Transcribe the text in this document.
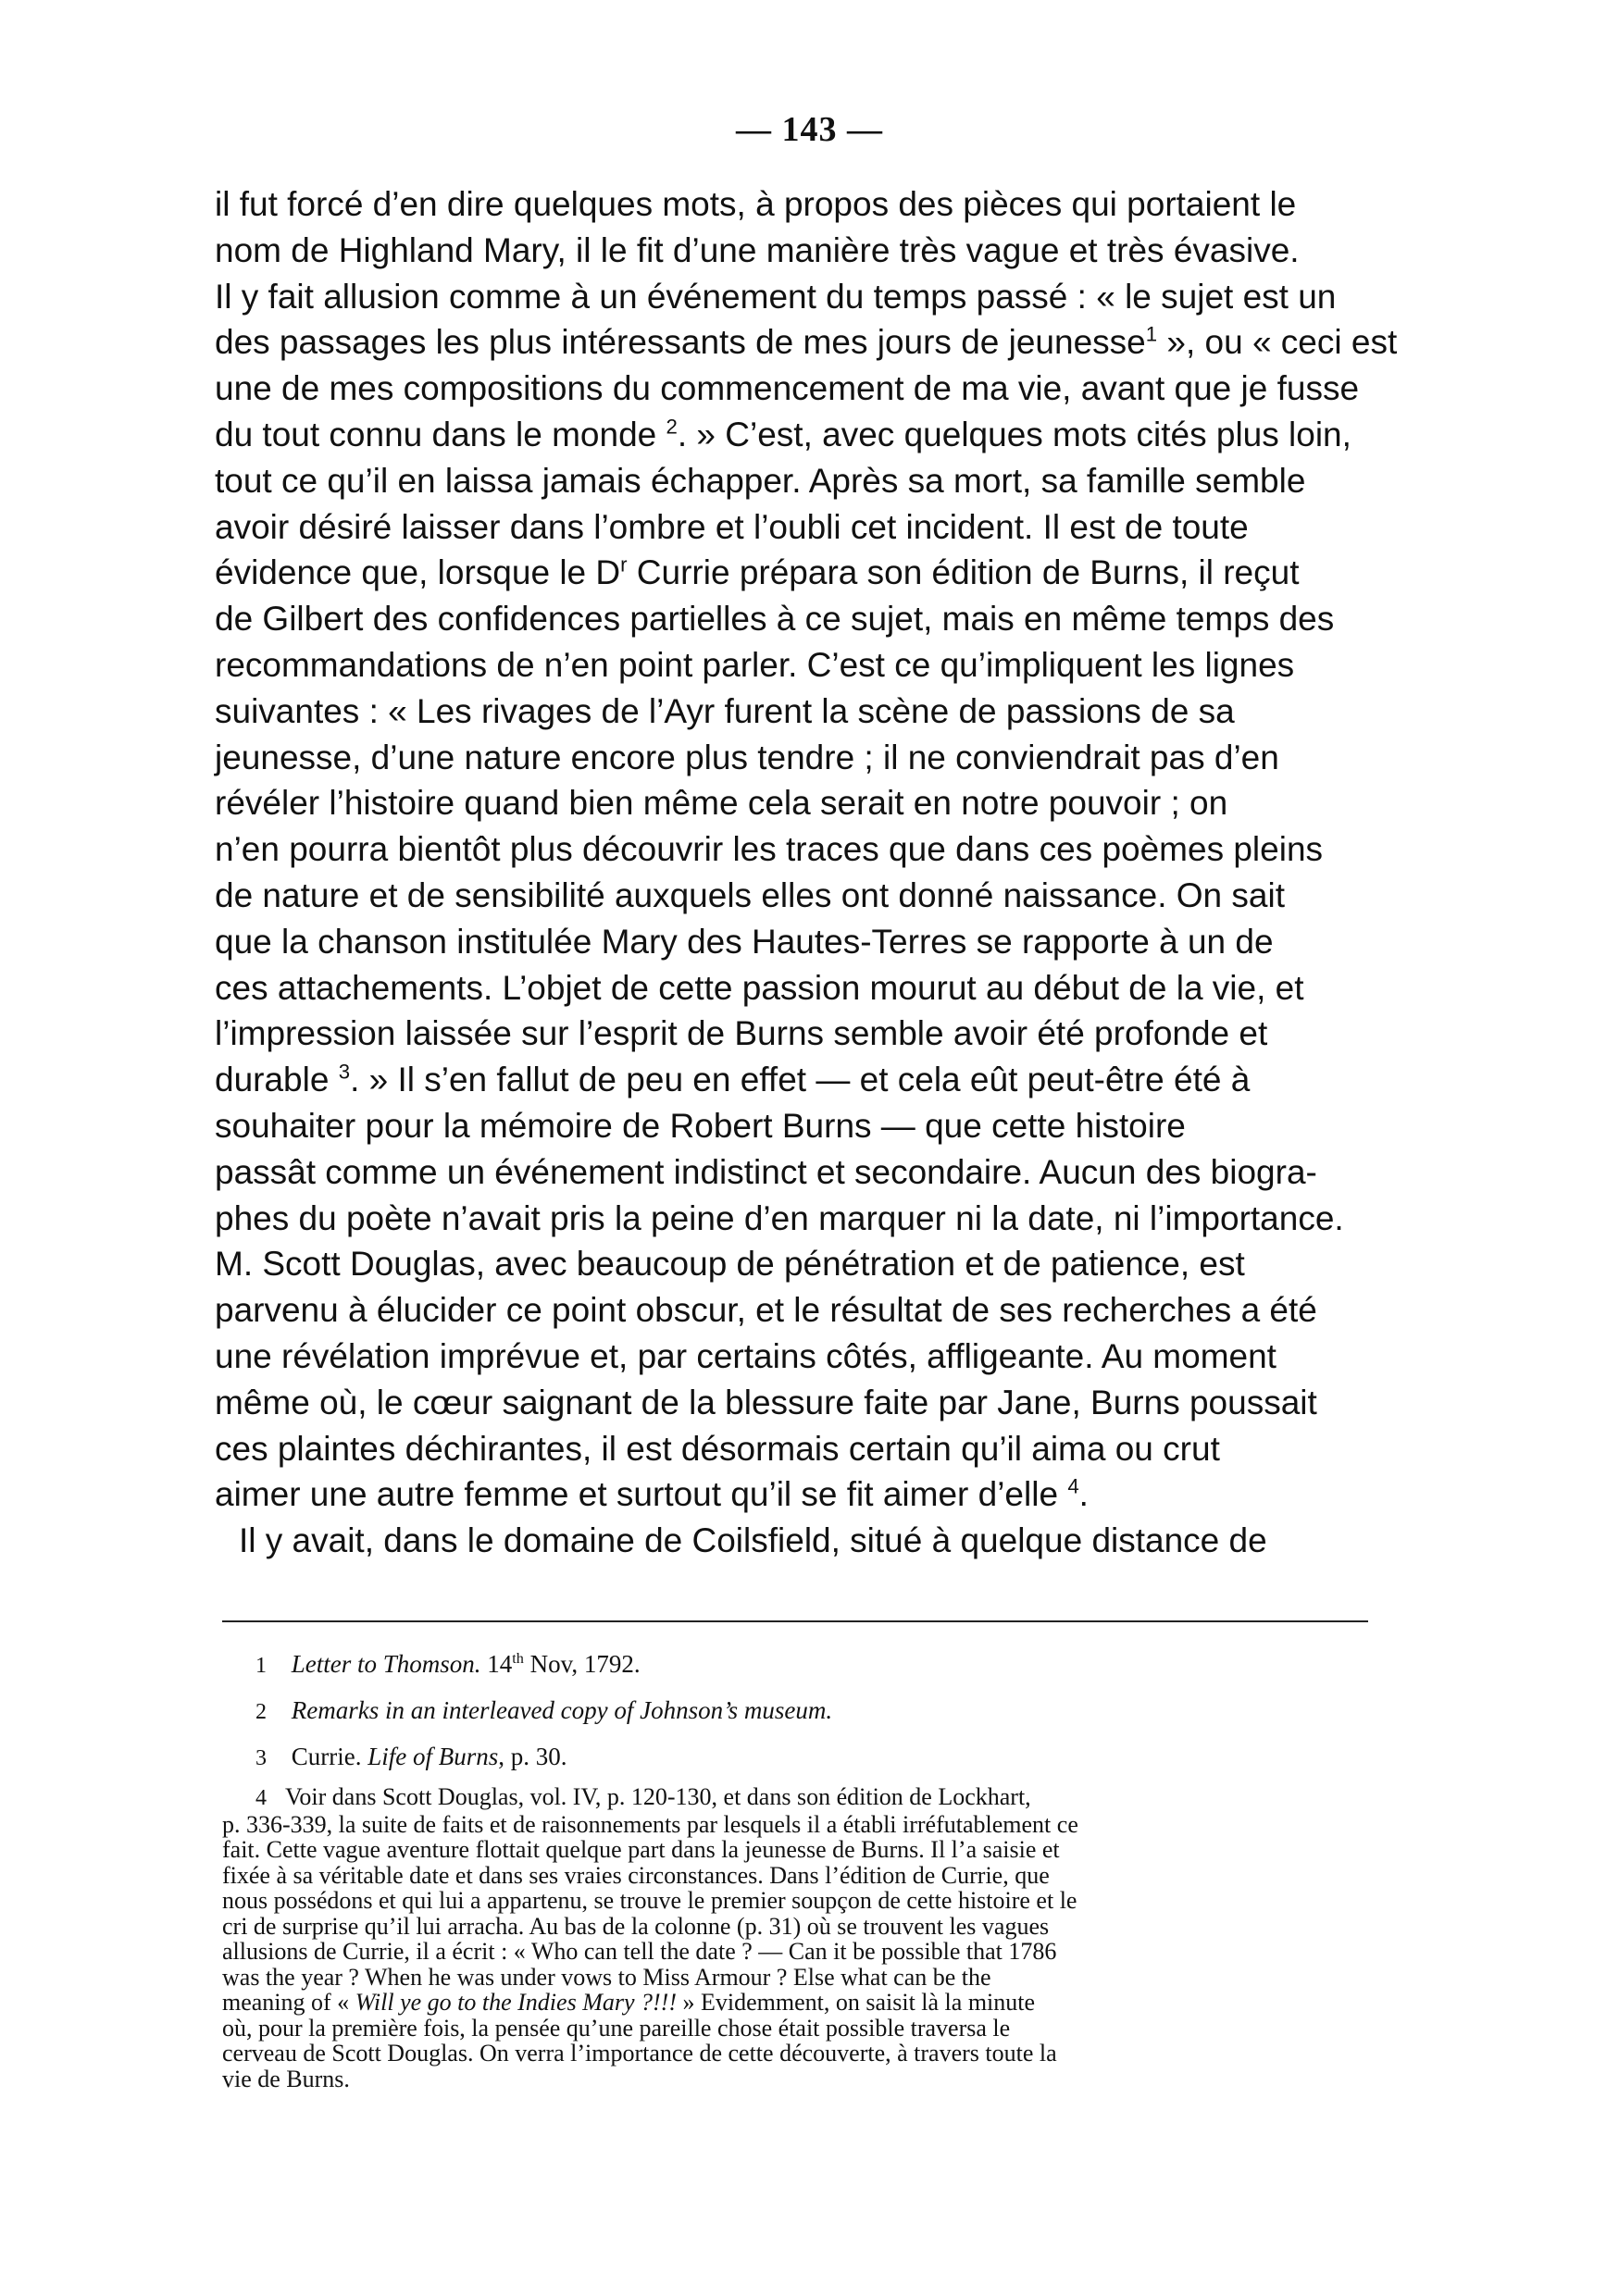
— 143 —
il fut forcé d’en dire quelques mots, à propos des pièces qui portaient le
nom de Highland Mary, il le fit d’une manière très vague et très évasive.
Il y fait allusion comme à un événement du temps passé : « le sujet est un
des passages les plus intéressants de mes jours de jeunesse$^1$ », ou « ceci est
une de mes compositions du commencement de ma vie, avant que je fusse
du tout connu dans le monde $^2$. » C’est, avec quelques mots cités plus loin,
tout ce qu’il en laissa jamais échapper. Après sa mort, sa famille semble
avoir désiré laisser dans l’ombre et l’oubli cet incident. Il est de toute
évidence que, lorsque le $D^r$ Currie prépara son édition de Burns, il reçut
de Gilbert des confidences partielles à ce sujet, mais en même temps des
recommandations de n’en point parler. C’est ce qu’impliquent les lignes
suivantes : « Les rivages de l’Ayr furent la scène de passions de sa
jeunesse, d’une nature encore plus tendre ; il ne conviendrait pas d’en
révéler l’histoire quand bien même cela serait en notre pouvoir ; on
n’en pourra bientôt plus découvrir les traces que dans ces poèmes pleins
de nature et de sensibilité auxquels elles ont donné naissance. On sait
que la chanson institulée Mary des Hautes-Terres se rapporte à un de
ces attachements. L’objet de cette passion mourut au début de la vie, et
l’impression laissée sur l’esprit de Burns semble avoir été profonde et
durable $^3$. » Il s’en fallut de peu en effet — et cela eût peut-être été à
souhaiter pour la mémoire de Robert Burns — que cette histoire
passât comme un événement indistinct et secondaire. Aucun des biogra-
phes du poète n’avait pris la peine d’en marquer ni la date, ni l’importance.
M. Scott Douglas, avec beaucoup de pénétration et de patience, est
parvenu à élucider ce point obscur, et le résultat de ses recherches a été
une révélation imprévue et, par certains côtés, affligeante. Au moment
même où, le cœur saignant de la blessure faite par Jane, Burns poussait
ces plaintes déchirantes, il est désormais certain qu’il aima ou crut
aimer une autre femme et surtout qu’il se fit aimer d’elle $^4$.
Il y avait, dans le domaine de Coilsfield, situé à quelque distance de
1 Letter to Thomson. 14th Nov, 1792.
2 Remarks in an interleaved copy of Johnson’s museum.
3 Currie. Life of Burns, p. 30.
4 Voir dans Scott Douglas, vol. IV, p. 120-130, et dans son édition de Lockhart,
p. 336-339, la suite de faits et de raisonnements par lesquels il a établi irréfutablement ce
fait. Cette vague aventure flottait quelque part dans la jeunesse de Burns. Il l’a saisie et
fixée à sa véritable date et dans ses vraies circonstances. Dans l’édition de Currie, que
nous possédons et qui lui a appartenu, se trouve le premier soupçon de cette histoire et le
cri de surprise qu’il lui arracha. Au bas de la colonne (p. 31) où se trouvent les vagues
allusions de Currie, il a écrit : « Who can tell the date ? — Can it be possible that 1786
was the year ? When he was under vows to Miss Armour ? Else what can be the
meaning of « Will ye go to the Indies Mary ?!!! » Evidemment, on saisit là la minute
où, pour la première fois, la pensée qu’une pareille chose était possible traversa le
cerveau de Scott Douglas. On verra l’importance de cette découverte, à travers toute la
vie de Burns.
